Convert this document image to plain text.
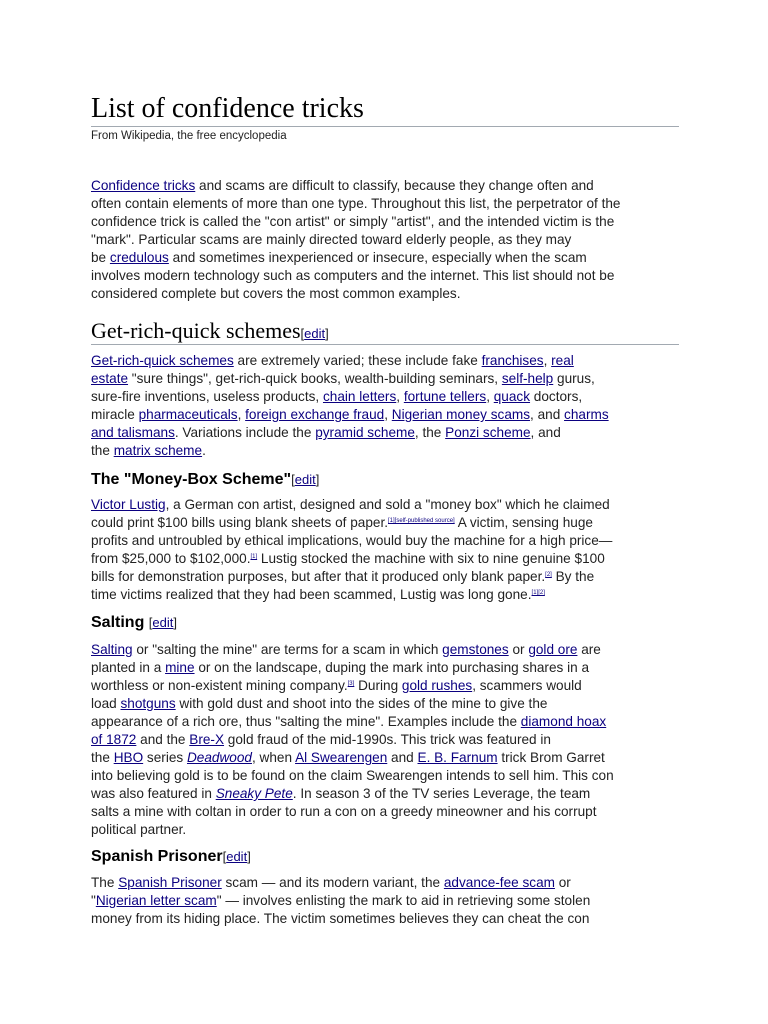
List of confidence tricks
From Wikipedia, the free encyclopedia
Confidence tricks and scams are difficult to classify, because they change often and
often contain elements of more than one type. Throughout this list, the perpetrator of the
confidence trick is called the "con artist" or simply "artist", and the intended victim is the
"mark". Particular scams are mainly directed toward elderly people, as they may
be credulous and sometimes inexperienced or insecure, especially when the scam
involves modern technology such as computers and the internet. This list should not be
considered complete but covers the most common examples.
Get-rich-quick schemes[edit]
Get-rich-quick schemes are extremely varied; these include fake franchises, real
estate "sure things", get-rich-quick books, wealth-building seminars, self-help gurus,
sure-fire inventions, useless products, chain letters, fortune tellers, quack doctors,
miracle pharmaceuticals, foreign exchange fraud, Nigerian money scams, and charms
and talismans. Variations include the pyramid scheme, the Ponzi scheme, and
the matrix scheme.
The "Money-Box Scheme"[edit]
Victor Lustig, a German con artist, designed and sold a "money box" which he claimed
could print $100 bills using blank sheets of paper.[1][self-published source] A victim, sensing huge
profits and untroubled by ethical implications, would buy the machine for a high price—
from $25,000 to $102,000.[1] Lustig stocked the machine with six to nine genuine $100
bills for demonstration purposes, but after that it produced only blank paper.[2] By the
time victims realized that they had been scammed, Lustig was long gone.[1][2]
Salting [edit]
Salting or "salting the mine" are terms for a scam in which gemstones or gold ore are
planted in a mine or on the landscape, duping the mark into purchasing shares in a
worthless or non-existent mining company.[3] During gold rushes, scammers would
load shotguns with gold dust and shoot into the sides of the mine to give the
appearance of a rich ore, thus "salting the mine". Examples include the diamond hoax
of 1872 and the Bre-X gold fraud of the mid-1990s. This trick was featured in
the HBO series Deadwood, when Al Swearengen and E. B. Farnum trick Brom Garret
into believing gold is to be found on the claim Swearengen intends to sell him. This con
was also featured in Sneaky Pete. In season 3 of the TV series Leverage, the team
salts a mine with coltan in order to run a con on a greedy mineowner and his corrupt
political partner.
Spanish Prisoner[edit]
The Spanish Prisoner scam — and its modern variant, the advance-fee scam or
"Nigerian letter scam" — involves enlisting the mark to aid in retrieving some stolen
money from its hiding place. The victim sometimes believes they can cheat the con
